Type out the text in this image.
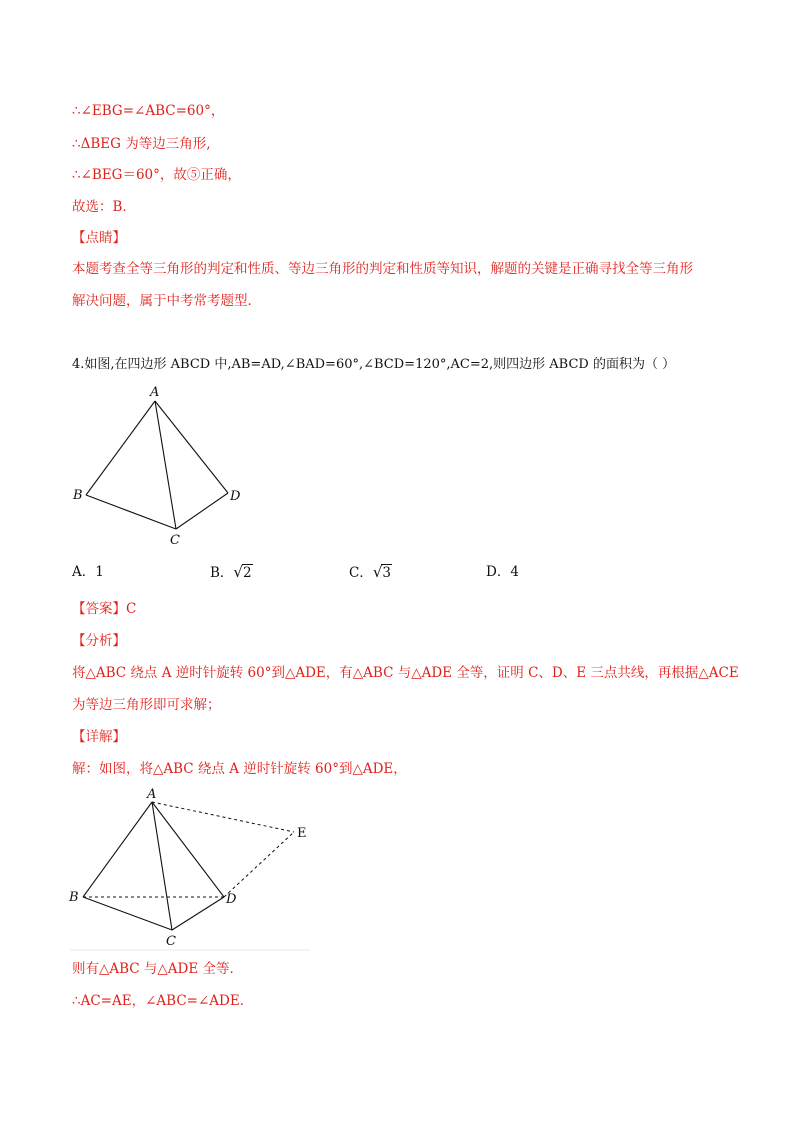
∴∠EBG=∠ABC=60°，
∴ΔBEG 为等边三角形,
∴∠BEG＝60°，故⑤正确，
故选：B．
【点睛】
本题考查全等三角形的判定和性质、等边三角形的判定和性质等知识，解题的关键是正确寻找全等三角形
解决问题，属于中考常考题型．
4.如图,在四边形 ABCD 中,AB=AD,∠BAD=60°,∠BCD=120°,AC=2,则四边形 ABCD 的面积为（ ）
A
B
C
D
A．1	B．√2	C．√3	D．4
【答案】C
【分析】
将△ABC 绕点 A 逆时针旋转 60°到△ADE，有△ABC 与△ADE 全等，证明 C、D、E 三点共线，再根据△ACE
为等边三角形即可求解；
【详解】
解：如图，将△ABC 绕点 A 逆时针旋转 60°到△ADE，
A
B
C
D
E
则有△ABC 与△ADE 全等．
∴AC=AE，∠ABC=∠ADE．
